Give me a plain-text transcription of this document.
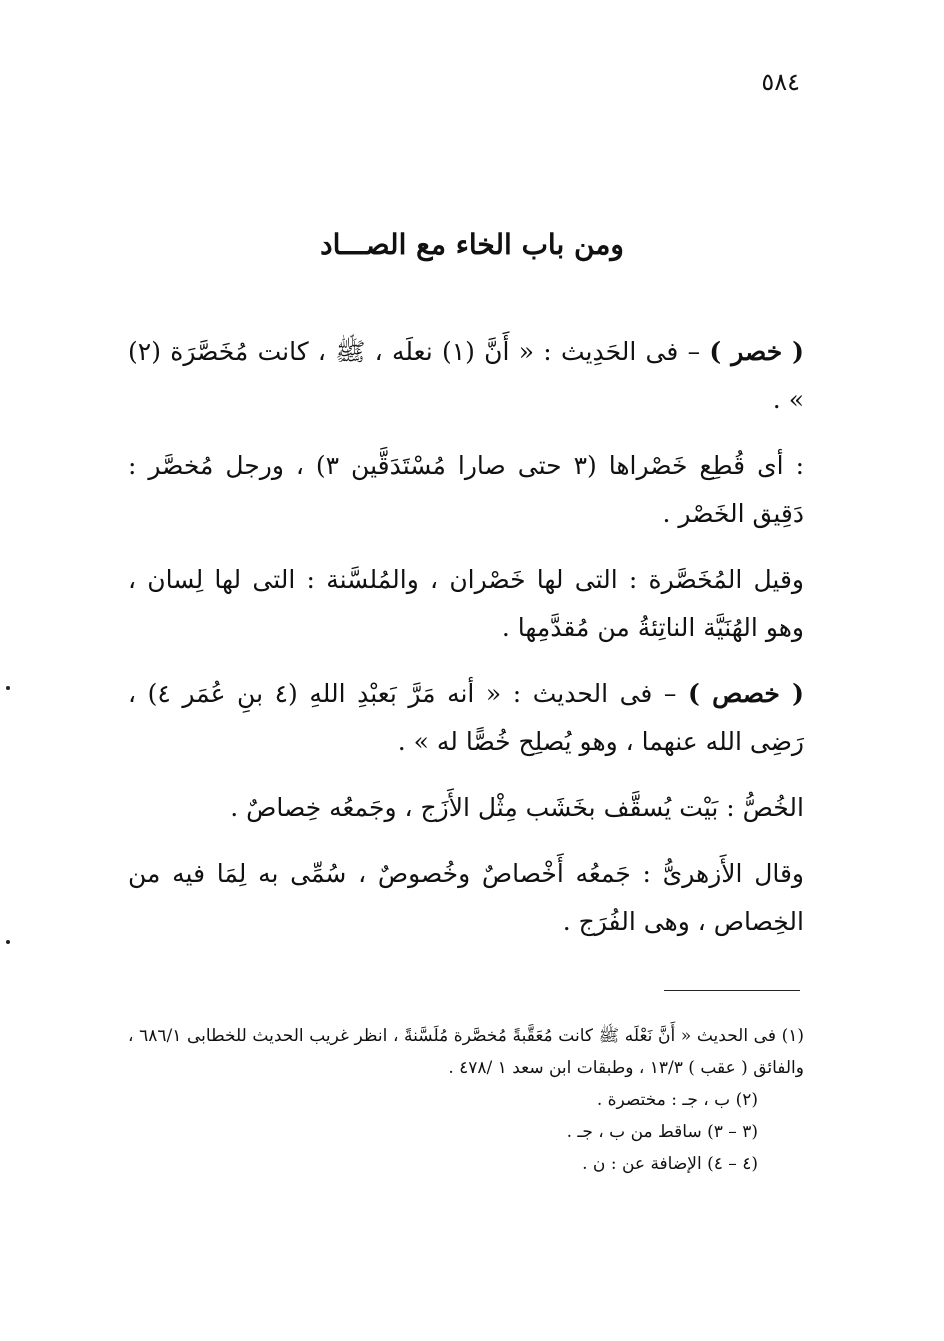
٥٨٤
ومن باب الخاء مع الصـــاد

( خصر ) – فى الحَدِيث : « أَنَّ (١) نعلَه ، ﷺ ، كانت مُخَصَّرَة (٢) » .

: أى قُطِع خَصْراها (٣ حتى صارا مُسْتَدَقَّين ٣) ، ورجل مُخصَّر : دَقِيق الخَصْر .

وقيل المُخَصَّرة : التى لها خَصْران ، والمُلسَّنة : التى لها لِسان ، وهو الهُنَيَّة الناتِئةُ من مُقدَّمِها .

( خصص ) – فى الحديث : « أنه مَرَّ بَعبْدِ اللهِ (٤ بنِ عُمَر ٤) ، رَضِى الله عنهما ، وهو يُصلِح خُصًّا له » .

الخُصُّ : بَيْت يُسقَّف بخَشَب مِثْل الأَزَج ، وجَمعُه خِصاصٌ .

وقال الأَزهرىُّ : جَمعُه أَخْصاصٌ وخُصوصٌ ، سُمِّى به لِمَا فيه من الخِصاص ، وهى الفُرَج .

(١) فى الحديث « أَنَّ نَعْلَه ﷺ كانت مُعَقَّبةً مُخصَّرة مُلَسَّنةً ، انظر غريب الحديث للخطابى ٦٨٦/١ ، والفائق ( عقب ) ١٣/٣ ، وطبقات ابن سعد ١ /٤٧٨ .

(٢) ب ، جـ : مختصرة .

(٣ – ٣) ساقط من ب ، جـ .

(٤ – ٤) الإضافة عن : ن .
